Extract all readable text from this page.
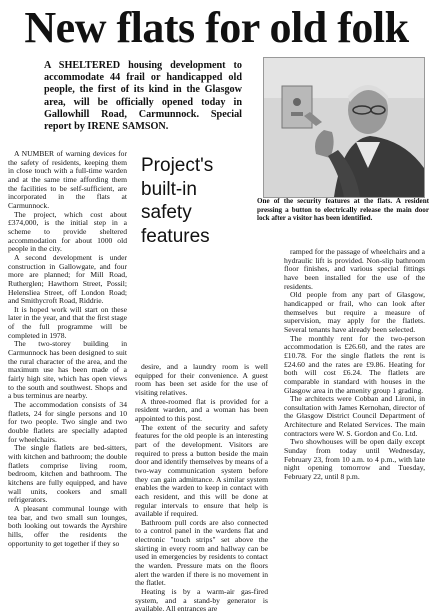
New flats for old folk
A SHELTERED housing development to accommodate 44 frail or handicapped old people, the first of its kind in the Glasgow area, will be officially opened today in Gallowhill Road, Carmunnock. Special report by IRENE SAMSON.
One of the security features at the flats. A resident pressing a button to electrically release the main door lock after a visitor has been identified.
Project's
built-in
safety
features

A NUMBER of warning devices for the safety of residents, keeping them in close touch with a full-time warden and at the same time affording them the facilities to be self-sufficient, are incorporated in the flats at Carmunnock.

The project, which cost about £374,000, is the initial step in a scheme to provide sheltered accommodation for about 1000 old people in the city.

A second development is under construction in Gallowgate, and four more are planned; for Mill Road, Rutherglen; Hawthorn Street, Possil; Helensliea Street, off London Road; and Smithycroft Road, Riddrie.

It is hoped work will start on these later in the year, and that the first stage of the full programme will be completed in 1978.

The two-storey building in Carmunnock has been designed to suit the rural character of the area, and the maximum use has been made of a fairly high site, which has open views to the south and southwest. Shops and a bus terminus are nearby.

The accommodation consists of 34 flatlets, 24 for single persons and 10 for two people. Two single and two double flatlets are specially adapted for wheelchairs.

The single flatlets are bed-sitters, with kitchen and bathroom; the double flatlets comprise living room, bedroom, kitchen and bathroom. The kitchens are fully equipped, and have wall units, cookers and small refrigerators.

A pleasant communal lounge with tea bar, and two small sun lounges, both looking out towards the Ayrshire hills, offer the residents the opportunity to get together if they so

desire, and a laundry room is well equipped for their convenience. A guest room has been set aside for the use of visiting relatives.

A three-roomed flat is provided for a resident warden, and a woman has been appointed to this post.

The extent of the security and safety features for the old people is an interesting part of the development. Visitors are required to press a button beside the main door and identify themselves by means of a two-way communication system before they can gain admittance. A similar system enables the warden to keep in contact with each resident, and this will be done at regular intervals to ensure that help is available if required.

Bathroom pull cords are also connected to a control panel in the wardens flat and electronic "touch strips" set above the skirting in every room and hallway can be used in emergencies by residents to contact the warden. Pressure mats on the floors alert the warden if there is no movement in the flatlet.

Heating is by a warm-air gas-fired system, and a stand-by generator is available. All entrances are

ramped for the passage of wheelchairs and a hydraulic lift is provided. Non-slip bathroom floor finishes, and various special fittings have been installed for the use of the residents.

Old people from any part of Glasgow, handicapped or frail, who can look after themselves but require a measure of supervision, may apply for the flatlets. Several tenants have already been selected.

The monthly rent for the two-person accommodation is £26.60, and the rates are £10.78. For the single flatlets the rent is £24.60 and the rates are £9.86. Heating for both will cost £6.24. The flatlets are comparable in standard with houses in the Glasgow area in the amenity group 1 grading.

The architects were Cobban and Lironi, in consultation with James Kernohan, director of the Glasgow District Council Department of Architecture and Related Services. The main contractors were W. S. Gordon and Co. Ltd.

Two showhouses will be open daily except Sunday from today until Wednesday, February 23, from 10 a.m. to 4 p.m., with late night opening tomorrow and Tuesday, February 22, until 8 p.m.
